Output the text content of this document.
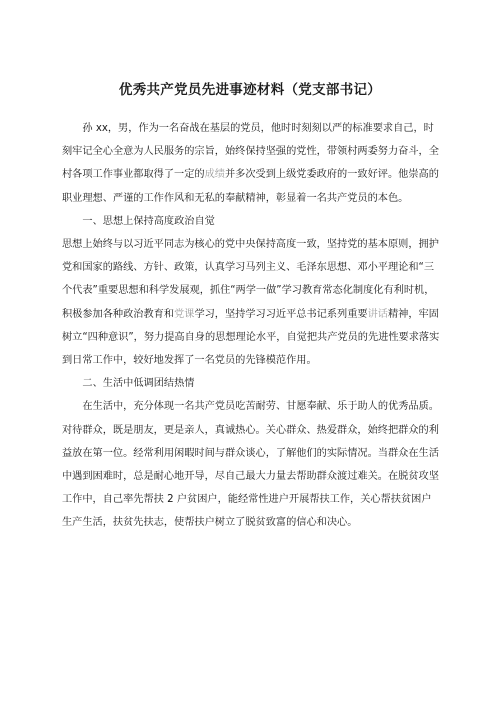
优秀共产党员先进事迹材料（党支部书记）

孙 xx，男，作为一名奋战在基层的党员，他时时刻刻以严的标准要求自己，时刻牢记全心全意为人民服务的宗旨，始终保持坚强的党性，带领村两委努力奋斗，全村各项工作事业都取得了一定的成绩并多次受到上级党委政府的一致好评。他崇高的职业理想、严谨的工作作风和无私的奉献精神，彰显着一名共产党员的本色。

一、思想上保持高度政治自觉

思想上始终与以习近平同志为核心的党中央保持高度一致，坚持党的基本原则，拥护党和国家的路线、方针、政策，认真学习马列主义、毛泽东思想、邓小平理论和“三个代表”重要思想和科学发展观，抓住“两学一做”学习教育常态化制度化有利时机，积极参加各种政治教育和党课学习，坚持学习习近平总书记系列重要讲话精神，牢固树立“四种意识”，努力提高自身的思想理论水平，自觉把共产党员的先进性要求落实到日常工作中，较好地发挥了一名党员的先锋模范作用。

二、生活中低调团结热情

在生活中，充分体现一名共产党员吃苦耐劳、甘愿奉献、乐于助人的优秀品质。对待群众，既是朋友，更是亲人，真诚热心。关心群众、热爱群众，始终把群众的利益放在第一位。经常利用闲暇时间与群众谈心，了解他们的实际情况。当群众在生活中遇到困难时，总是耐心地开导，尽自己最大力量去帮助群众渡过难关。在脱贫攻坚工作中，自己率先帮扶 2 户贫困户，能经常性进户开展帮扶工作，关心帮扶贫困户生产生活，扶贫先扶志，使帮扶户树立了脱贫致富的信心和决心。
